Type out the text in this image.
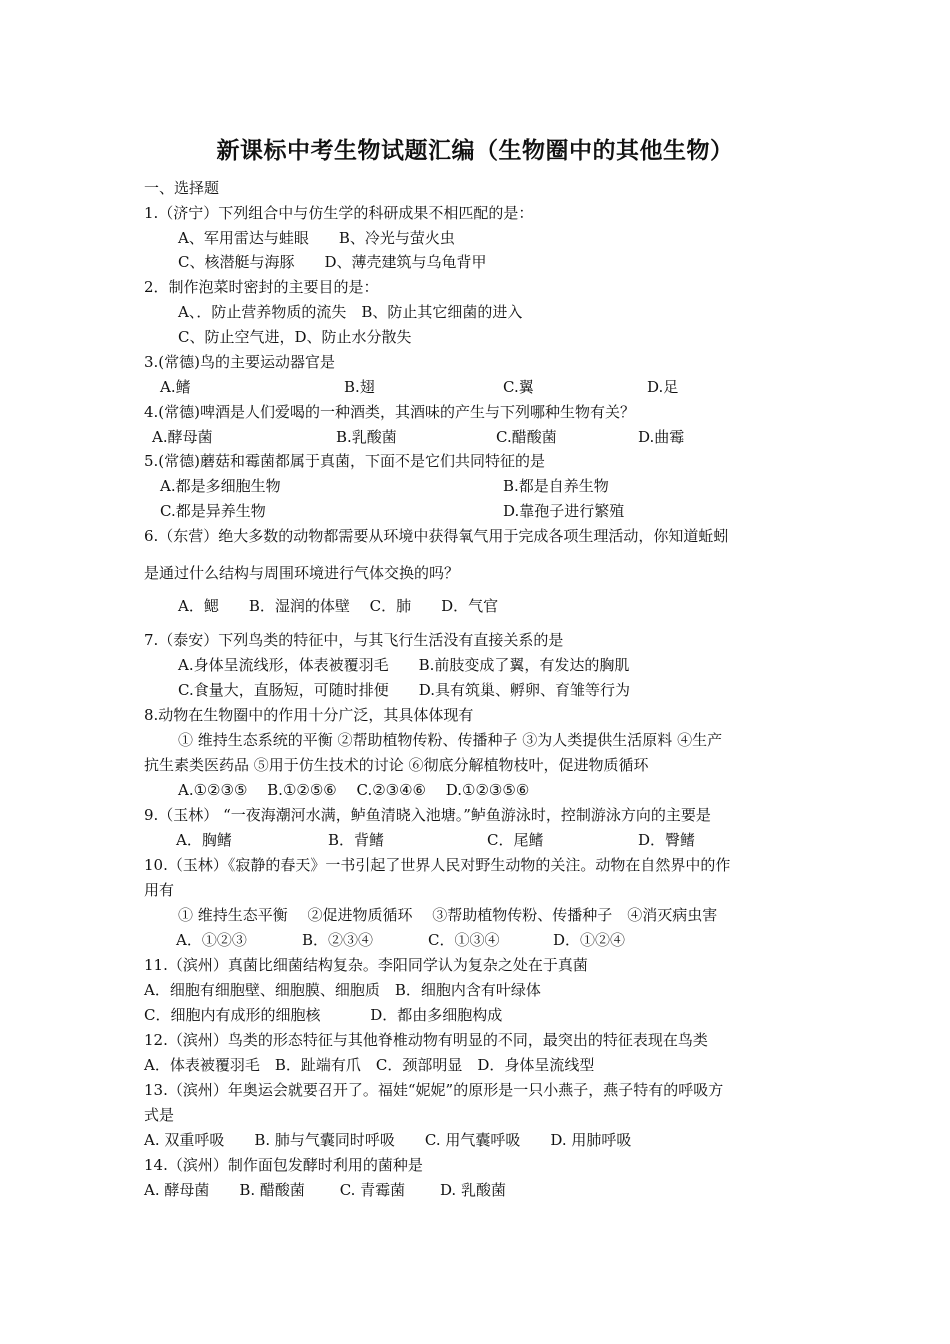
新课标中考生物试题汇编（生物圈中的其他生物）
一、选择题
1.（济宁）下列组合中与仿生学的科研成果不相匹配的是：
A、军用雷达与蛙眼　　B、冷光与萤火虫
C、核潜艇与海豚　　D、薄壳建筑与乌龟背甲
2．制作泡菜时密封的主要目的是：
A、．防止营养物质的流失　B、防止其它细菌的进入
C、防止空气进，D、防止水分散失
3.(常德)鸟的主要运动器官是
A.鳍	B.翅	C.翼	D.足
4.(常德)啤酒是人们爱喝的一种酒类，其酒味的产生与下列哪种生物有关？
A.酵母菌	B.乳酸菌	C.醋酸菌	D.曲霉
5.(常德)蘑菇和霉菌都属于真菌，下面不是它们共同特征的是
A.都是多细胞生物	B.都是自养生物
C.都是异养生物	D.靠孢子进行繁殖
6.（东营）绝大多数的动物都需要从环境中获得氧气用于完成各项生理活动，你知道蚯蚓
是通过什么结构与周围环境进行气体交换的吗？
A．鳃　　B．湿润的体壁　 C．肺　　D．气官
7.（泰安）下列鸟类的特征中，与其飞行生活没有直接关系的是
A.身体呈流线形，体表被覆羽毛　　B.前肢变成了翼，有发达的胸肌
C.食量大，直肠短，可随时排便　　D.具有筑巢、孵卵、育雏等行为
8.动物在生物圈中的作用十分广泛，其具体体现有
① 维持生态系统的平衡 ②帮助植物传粉、传播种子 ③为人类提供生活原料 ④生产
抗生素类医药品 ⑤用于仿生技术的讨论 ⑥彻底分解植物枝叶，促进物质循环
A.①②③⑤　 B.①②⑤⑥　 C.②③④⑥　 D.①②③⑤⑥
9.（玉林） “一夜海潮河水满，鲈鱼清晓入池塘。”鲈鱼游泳时，控制游泳方向的主要是
A．胸鳍	B．背鳍	C．尾鳍	D．臀鳍
10.（玉林）《寂静的春天》一书引起了世界人民对野生动物的关注。动物在自然界中的作
用有
① 维持生态平衡　 ②促进物质循环　 ③帮助植物传粉、传播种子　④消灭病虫害
A．①②③	B．②③④	C．①③④	D．①②④
11.（滨州）真菌比细菌结构复杂。李阳同学认为复杂之处在于真菌
A．细胞有细胞壁、细胞膜、细胞质　B．细胞内含有叶绿体
C．细胞内有成形的细胞核　　　 D．都由多细胞构成
12.（滨州）鸟类的形态特征与其他脊椎动物有明显的不同，最突出的特征表现在鸟类
A．体表被覆羽毛　B．趾端有爪　C．颈部明显　D．身体呈流线型
13.（滨州）年奥运会就要召开了。福娃“妮妮”的原形是一只小燕子，燕子特有的呼吸方
式是
A. 双重呼吸　　B. 肺与气囊同时呼吸　　C. 用气囊呼吸　　D. 用肺呼吸
14.（滨州）制作面包发酵时利用的菌种是
A. 酵母菌　　B. 醋酸菌　　 C. 青霉菌　　 D. 乳酸菌
